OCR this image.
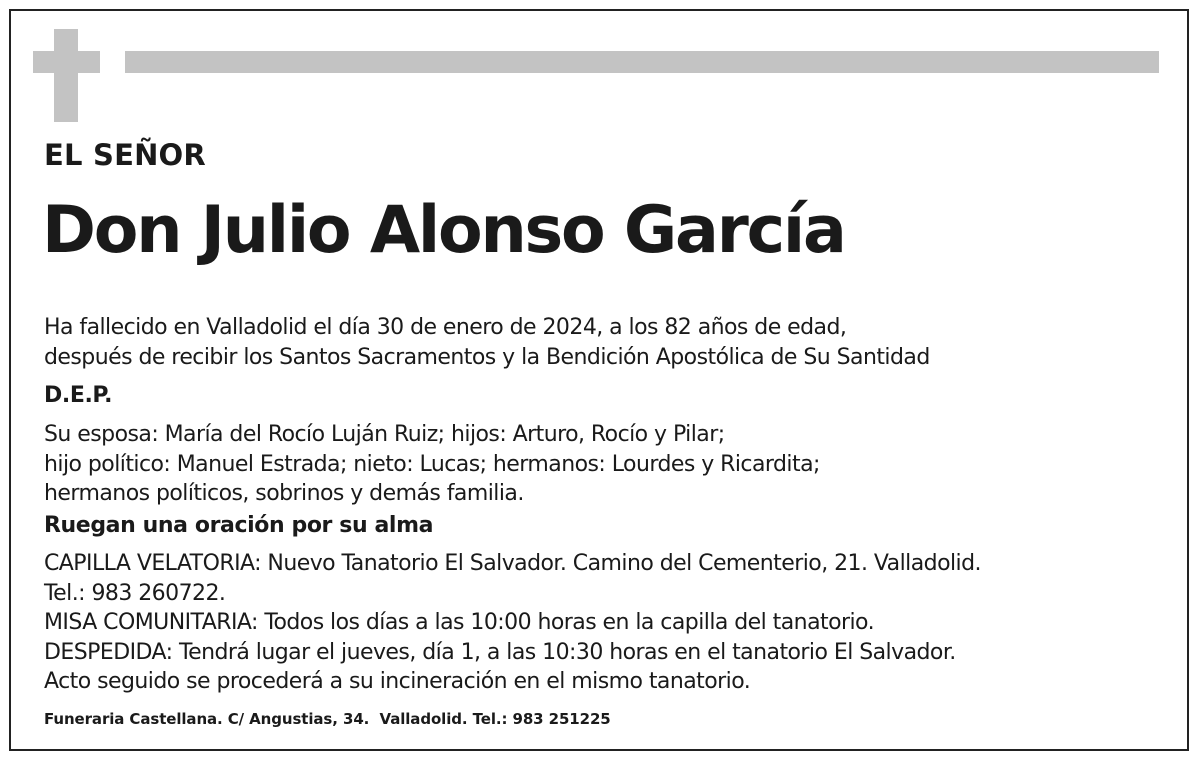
EL SEÑOR
Don Julio Alonso García
Ha fallecido en Valladolid el día 30 de enero de 2024, a los 82 años de edad,
después de recibir los Santos Sacramentos y la Bendición Apostólica de Su Santidad
D.E.P.
Su esposa: María del Rocío Luján Ruiz; hijos: Arturo, Rocío y Pilar;
hijo político: Manuel Estrada; nieto: Lucas; hermanos: Lourdes y Ricardita;
hermanos políticos, sobrinos y demás familia.
Ruegan una oración por su alma
CAPILLA VELATORIA: Nuevo Tanatorio El Salvador. Camino del Cementerio, 21. Valladolid.
Tel.: 983 260722.
MISA COMUNITARIA: Todos los días a las 10:00 horas en la capilla del tanatorio.
DESPEDIDA: Tendrá lugar el jueves, día 1, a las 10:30 horas en el tanatorio El Salvador.
Acto seguido se procederá a su incineración en el mismo tanatorio.
Funeraria Castellana. C/ Angustias, 34.  Valladolid. Tel.: 983 251225
